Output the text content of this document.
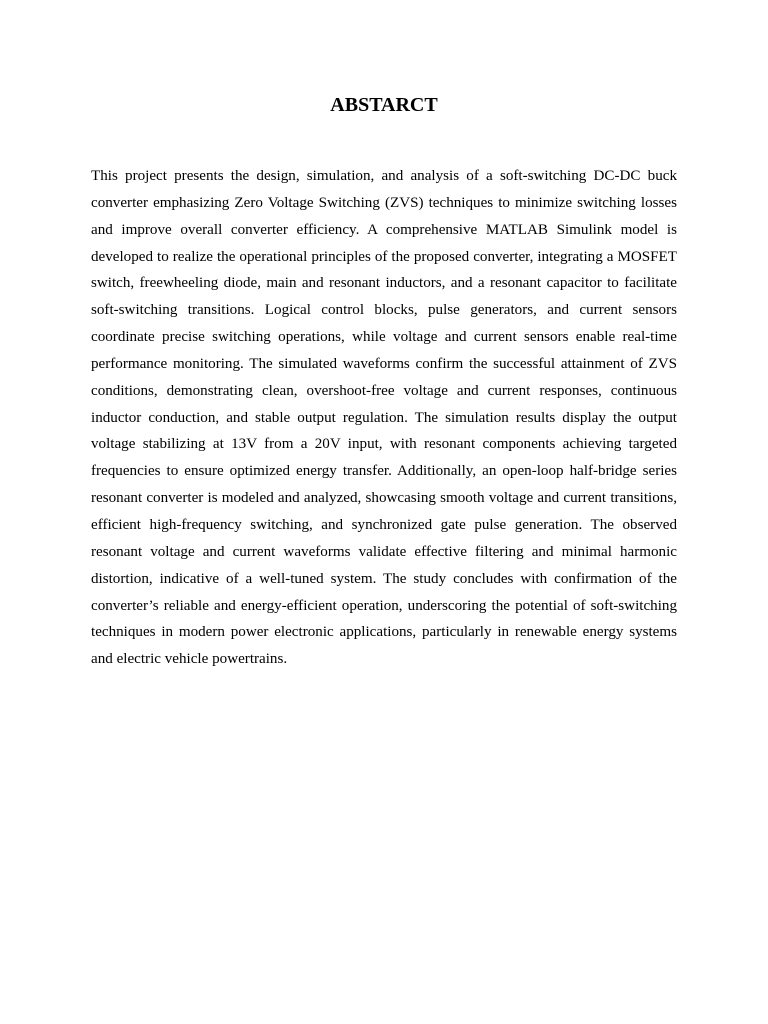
ABSTARCT

This project presents the design, simulation, and analysis of a soft-switching DC-DC buck converter emphasizing Zero Voltage Switching (ZVS) techniques to minimize switching losses and improve overall converter efficiency. A comprehensive MATLAB Simulink model is developed to realize the operational principles of the proposed converter, integrating a MOSFET switch, freewheeling diode, main and resonant inductors, and a resonant capacitor to facilitate soft-switching transitions. Logical control blocks, pulse generators, and current sensors coordinate precise switching operations, while voltage and current sensors enable real-time performance monitoring. The simulated waveforms confirm the successful attainment of ZVS conditions, demonstrating clean, overshoot-free voltage and current responses, continuous inductor conduction, and stable output regulation. The simulation results display the output voltage stabilizing at 13V from a 20V input, with resonant components achieving targeted frequencies to ensure optimized energy transfer. Additionally, an open-loop half-bridge series resonant converter is modeled and analyzed, showcasing smooth voltage and current transitions, efficient high-frequency switching, and synchronized gate pulse generation. The observed resonant voltage and current waveforms validate effective filtering and minimal harmonic distortion, indicative of a well-tuned system. The study concludes with confirmation of the converter’s reliable and energy-efficient operation, underscoring the potential of soft-switching techniques in modern power electronic applications, particularly in renewable energy systems and electric vehicle powertrains.
